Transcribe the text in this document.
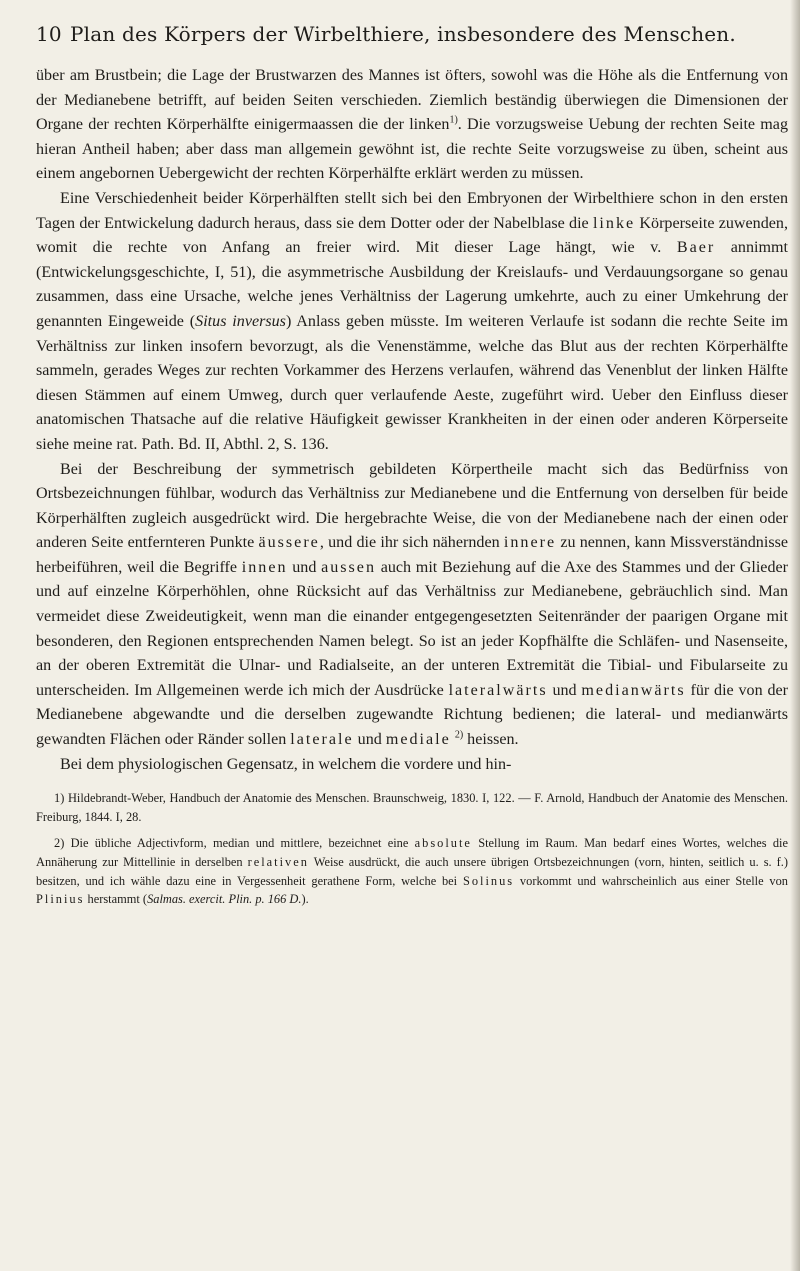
10 Plan des Körpers der Wirbelthiere, insbesondere des Menschen.

über am Brustbein; die Lage der Brustwarzen des Mannes ist öfters, sowohl was die Höhe als die Entfernung von der Medianebene betrifft, auf beiden Seiten verschieden. Ziemlich beständig überwiegen die Dimensionen der Organe der rechten Körperhälfte einigermaassen die der linken$^{1)}$. Die vorzugsweise Uebung der rechten Seite mag hieran Antheil haben; aber dass man allgemein gewöhnt ist, die rechte Seite vorzugsweise zu üben, scheint aus einem angebornen Uebergewicht der rechten Körperhälfte erklärt werden zu müssen.

Eine Verschiedenheit beider Körperhälften stellt sich bei den Embryonen der Wirbelthiere schon in den ersten Tagen der Entwickelung dadurch heraus, dass sie dem Dotter oder der Nabelblase die linke Körperseite zuwenden, womit die rechte von Anfang an freier wird. Mit dieser Lage hängt, wie v. Baer annimmt (Entwickelungsgeschichte, I, 51), die asymmetrische Ausbildung der Kreislaufs- und Verdauungsorgane so genau zusammen, dass eine Ursache, welche jenes Verhältniss der Lagerung umkehrte, auch zu einer Umkehrung der genannten Eingeweide (Situs inversus) Anlass geben müsste. Im weiteren Verlaufe ist sodann die rechte Seite im Verhältniss zur linken insofern bevorzugt, als die Venenstämme, welche das Blut aus der rechten Körperhälfte sammeln, gerades Weges zur rechten Vorkammer des Herzens verlaufen, während das Venenblut der linken Hälfte diesen Stämmen auf einem Umweg, durch quer verlaufende Aeste, zugeführt wird. Ueber den Einfluss dieser anatomischen Thatsache auf die relative Häufigkeit gewisser Krankheiten in der einen oder anderen Körperseite siehe meine rat. Path. Bd. II, Abthl. 2, S. 136.

Bei der Beschreibung der symmetrisch gebildeten Körpertheile macht sich das Bedürfniss von Ortsbezeichnungen fühlbar, wodurch das Verhältniss zur Medianebene und die Entfernung von derselben für beide Körperhälften zugleich ausgedrückt wird. Die hergebrachte Weise, die von der Medianebene nach der einen oder anderen Seite entfernteren Punkte äussere, und die ihr sich nähernden innere zu nennen, kann Missverständnisse herbeiführen, weil die Begriffe innen und aussen auch mit Beziehung auf die Axe des Stammes und der Glieder und auf einzelne Körperhöhlen, ohne Rücksicht auf das Verhältniss zur Medianebene, gebräuchlich sind. Man vermeidet diese Zweideutigkeit, wenn man die einander entgegengesetzten Seitenränder der paarigen Organe mit besonderen, den Regionen entsprechenden Namen belegt. So ist an jeder Kopfhälfte die Schläfen- und Nasenseite, an der oberen Extremität die Ulnar- und Radialseite, an der unteren Extremität die Tibial- und Fibularseite zu unterscheiden. Im Allgemeinen werde ich mich der Ausdrücke lateralwärts und medianwärts für die von der Medianebene abgewandte und die derselben zugewandte Richtung bedienen; die lateral- und medianwärts gewandten Flächen oder Ränder sollen laterale und mediale $^{2)}$ heissen.

Bei dem physiologischen Gegensatz, in welchem die vordere und hin-

1) Hildebrandt-Weber, Handbuch der Anatomie des Menschen. Braunschweig, 1830. I, 122. — F. Arnold, Handbuch der Anatomie des Menschen. Freiburg, 1844. I, 28.

2) Die übliche Adjectivform, median und mittlere, bezeichnet eine absolute Stellung im Raum. Man bedarf eines Wortes, welches die Annäherung zur Mittellinie in derselben relativen Weise ausdrückt, die auch unsere übrigen Ortsbezeichnungen (vorn, hinten, seitlich u. s. f.) besitzen, und ich wähle dazu eine in Vergessenheit gerathene Form, welche bei Solinus vorkommt und wahrscheinlich aus einer Stelle von Plinius herstammt (Salmas. exercit. Plin. p. 166 D.).
